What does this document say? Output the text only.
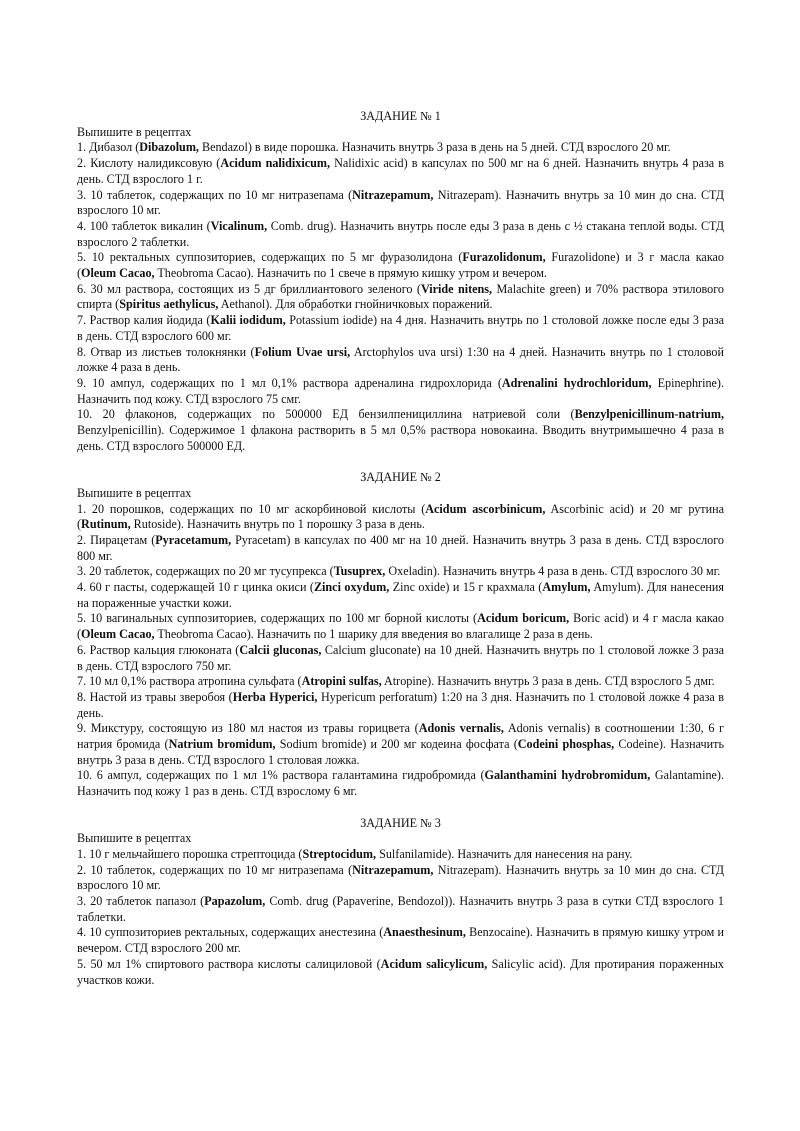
ЗАДАНИЕ № 1

Выпишите в рецептах

1. Дибазол (Dibazolum, Bendazol) в виде порошка. Назначить внутрь 3 раза в день на 5 дней. СТД взрослого 20 мг.

2. Кислоту налидиксовую (Acidum nalidixicum, Nalidixic acid) в капсулах по 500 мг на 6 дней. Назначить внутрь 4 раза в день. СТД взрослого 1 г.

3. 10 таблеток, содержащих по 10 мг нитразепама (Nitrazepamum, Nitrazepam). Назначить внутрь за 10 мин до сна. СТД взрослого 10 мг.

4. 100 таблеток викалин (Vicalinum, Comb. drug). Назначить внутрь после еды 3 раза в день с ½ стакана теплой воды. СТД взрослого 2 таблетки.

5. 10 ректальных суппозиториев, содержащих по 5 мг фуразолидона (Furazolidonum, Furazolidone) и 3 г масла какао (Oleum Cacao, Theobroma Cacao). Назначить по 1 свече в прямую кишку утром и вечером.

6. 30 мл раствора, состоящих из 5 дг бриллиантового зеленого (Viride nitens, Malachite green) и 70% раствора этилового спирта (Spiritus aethylicus, Aethanol). Для обработки гнойничковых поражений.

7. Раствор калия йодида (Kalii iodidum, Potassium iodide) на 4 дня. Назначить внутрь по 1 столовой ложке после еды 3 раза в день. СТД взрослого 600 мг.

8. Отвар из листьев толокнянки (Folium Uvae ursi, Arctophylos uva ursi) 1:30 на 4 дней. Назначить внутрь по 1 столовой ложке 4 раза в день.

9. 10 ампул, содержащих по 1 мл 0,1% раствора адреналина гидрохлорида (Adrenalini hydrochloridum, Epinephrine). Назначить под кожу. СТД взрослого 75 смг.

10. 20 флаконов, содержащих по 500000 ЕД бензилпенициллина натриевой соли (Benzylpenicillinum-natrium, Benzylpenicillin). Содержимое 1 флакона растворить в 5 мл 0,5% раствора новокаина. Вводить внутримышечно 4 раза в день. СТД взрослого 500000 ЕД.

ЗАДАНИЕ № 2

Выпишите в рецептах

1. 20 порошков, содержащих по 10 мг аскорбиновой кислоты (Acidum ascorbinicum, Ascorbinic acid) и 20 мг рутина (Rutinum, Rutoside). Назначить внутрь по 1 порошку 3 раза в день.

2. Пирацетам (Pyracetamum, Pyracetam) в капсулах по 400 мг на 10 дней. Назначить внутрь 3 раза в день. СТД взрослого 800 мг.

3. 20 таблеток, содержащих по 20 мг тусупрекса (Tusuprex, Oxeladin). Назначить внутрь 4 раза в день. СТД взрослого 30 мг.

4. 60 г пасты, содержащей 10 г цинка окиси (Zinci oxydum, Zinc oxide) и 15 г крахмала (Amylum, Amylum). Для нанесения на пораженные участки кожи.

5. 10 вагинальных суппозиториев, содержащих по 100 мг борной кислоты (Acidum boricum, Boric acid) и 4 г масла какао (Oleum Cacao, Theobroma Cacao). Назначить по 1 шарику для введения во влагалище 2 раза в день.

6. Раствор кальция глюконата (Calcii gluconas, Calcium gluconate) на 10 дней. Назначить внутрь по 1 столовой ложке 3 раза в день. СТД взрослого 750 мг.

7. 10 мл 0,1% раствора атропина сульфата (Atropini sulfas, Atropine). Назначить внутрь 3 раза в день. СТД взрослого 5 дмг.

8. Настой из травы зверобоя (Herba Hyperici, Hypericum perforatum) 1:20 на 3 дня. Назначить по 1 столовой ложке 4 раза в день.

9. Микстуру, состоящую из 180 мл настоя из травы горицвета (Adonis vernalis, Adonis vernalis) в соотношении 1:30, 6 г натрия бромида (Natrium bromidum, Sodium bromide) и 200 мг кодеина фосфата (Codeini phosphas, Codeine). Назначить внутрь 3 раза в день. СТД взрослого 1 столовая ложка.

10. 6 ампул, содержащих по 1 мл 1% раствора галантамина гидробромида (Galanthamini hydrobromidum, Galantamine). Назначить под кожу 1 раз в день. СТД взрослому 6 мг.

ЗАДАНИЕ № 3

Выпишите в рецептах

1. 10 г мельчайшего порошка стрептоцида (Streptocidum, Sulfanilamide). Назначить для нанесения на рану.

2. 10 таблеток, содержащих по 10 мг нитразепама (Nitrazepamum, Nitrazepam). Назначить внутрь за 10 мин до сна. СТД взрослого 10 мг.

3. 20 таблеток папазол (Papazolum, Comb. drug (Papaverine, Bendozol)). Назначить внутрь 3 раза в сутки СТД взрослого 1 таблетки.

4. 10 суппозиториев ректальных, содержащих анестезина (Anaesthesinum, Benzocaine). Назначить в прямую кишку утром и вечером. СТД взрослого 200 мг.

5. 50 мл 1% спиртового раствора кислоты салициловой (Acidum salicylicum, Salicylic acid). Для протирания пораженных участков кожи.
